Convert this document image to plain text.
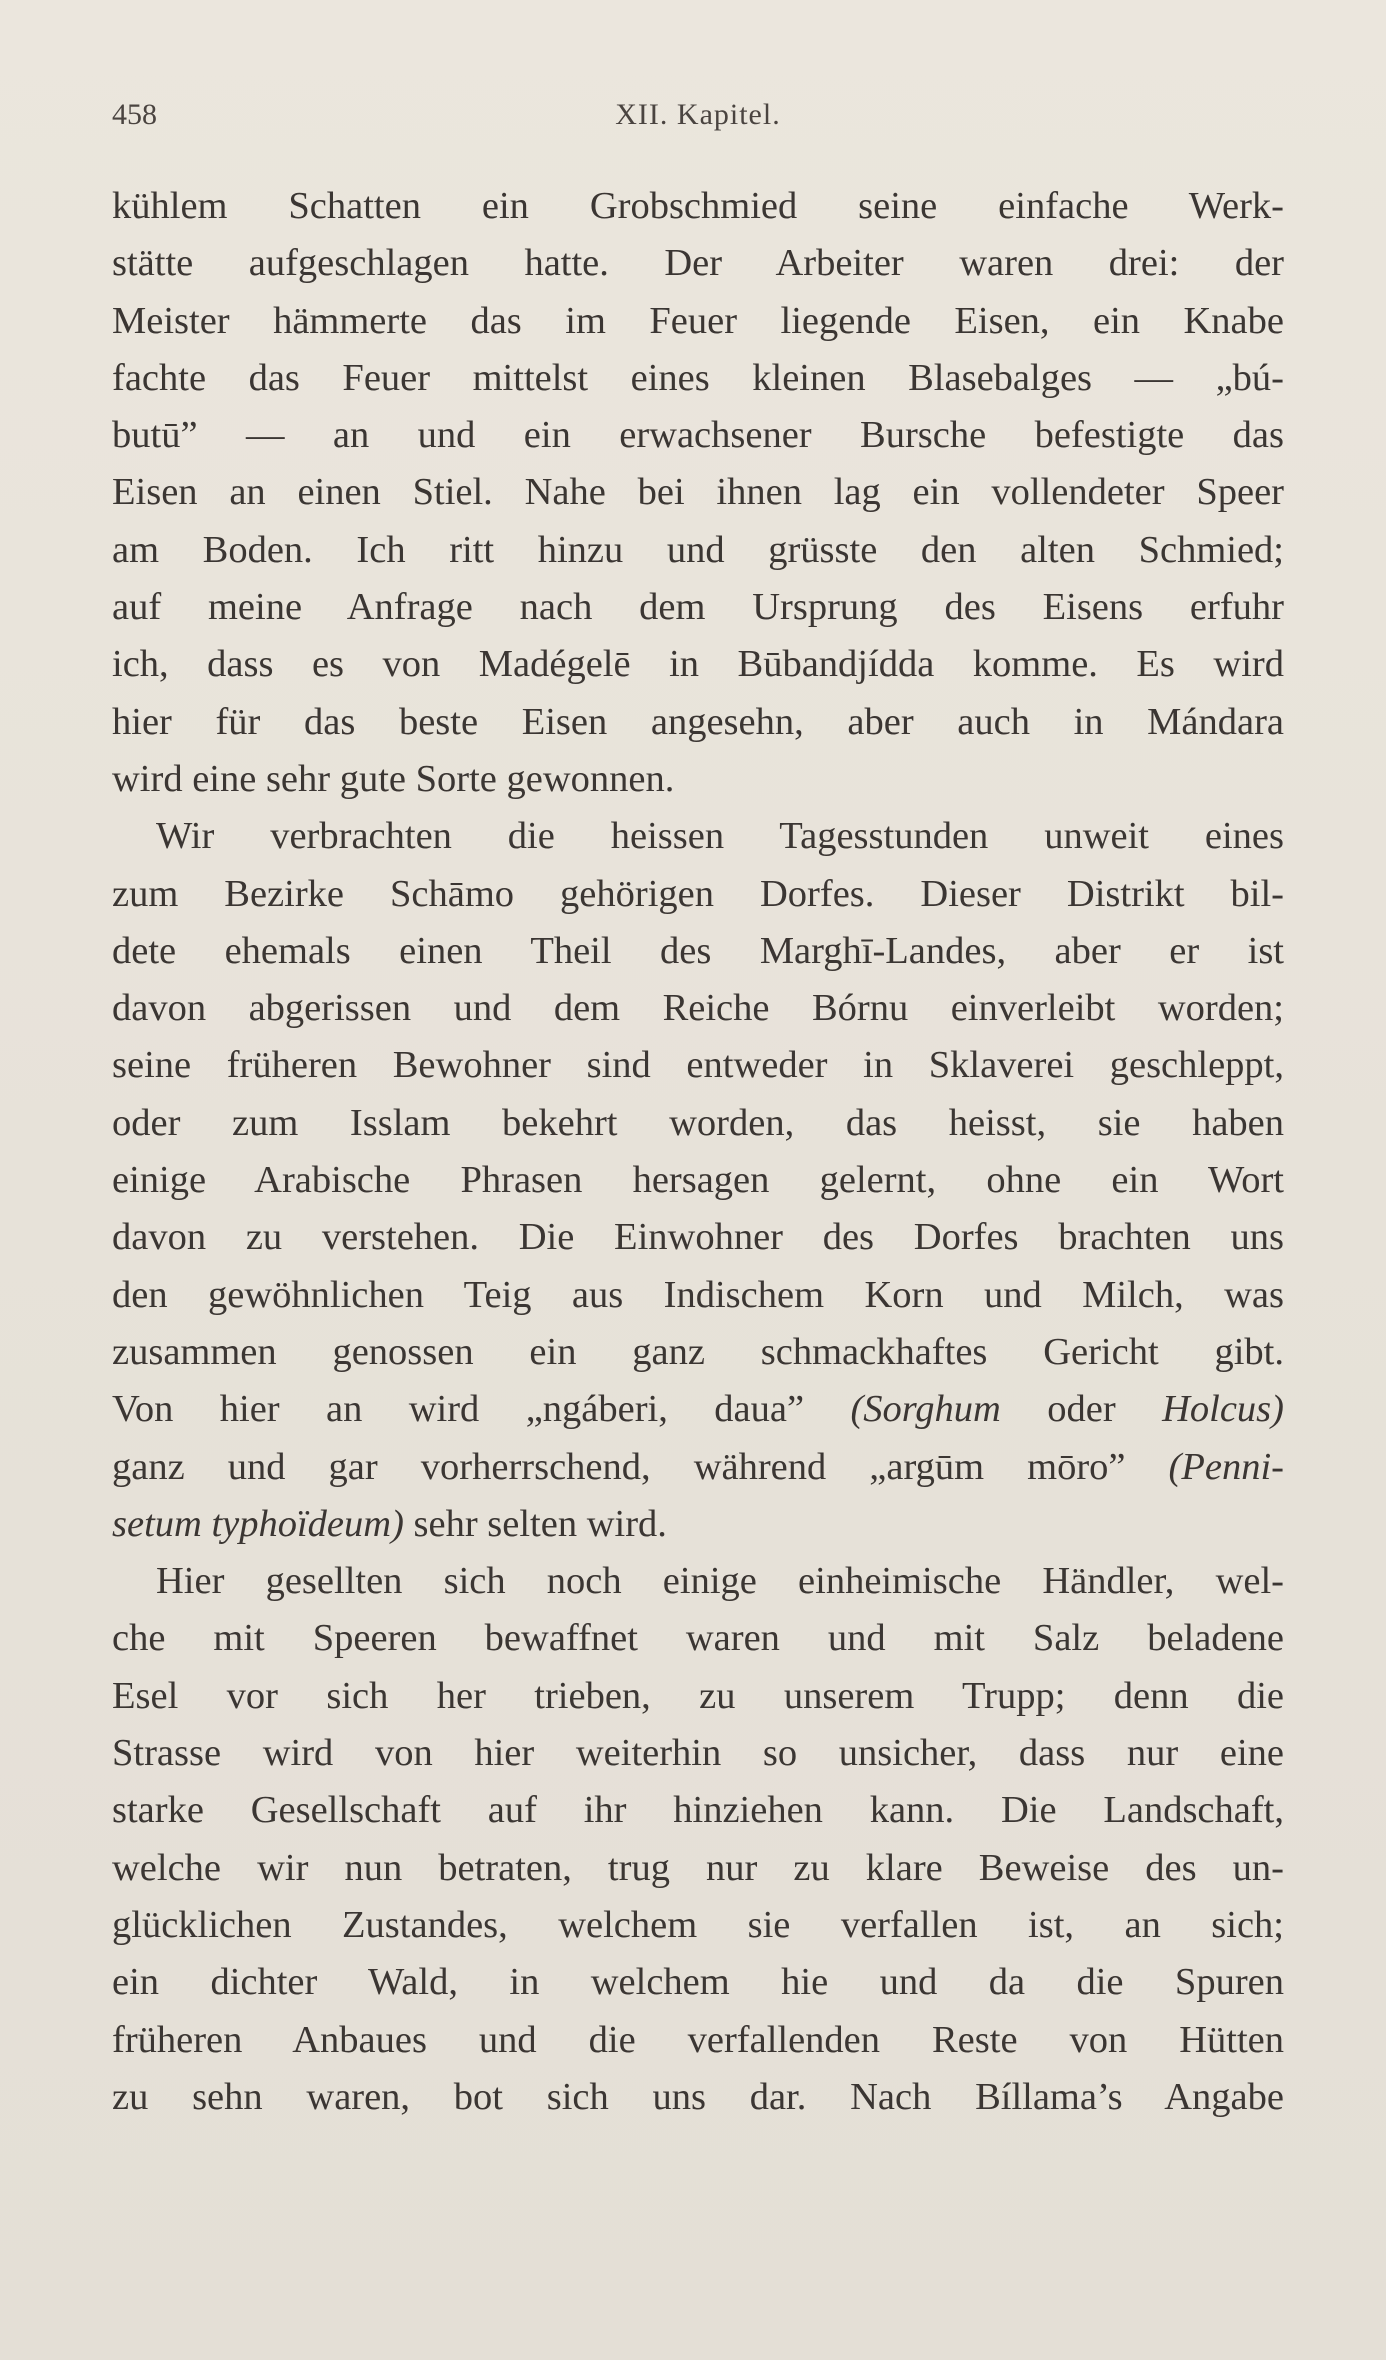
458	XII. Kapitel.
kühlem Schatten ein Grobschmied seine einfache Werk-
stätte aufgeschlagen hatte. Der Arbeiter waren drei: der
Meister hämmerte das im Feuer liegende Eisen, ein Knabe
fachte das Feuer mittelst eines kleinen Blasebalges — „bú-
butū” — an und ein erwachsener Bursche befestigte das
Eisen an einen Stiel. Nahe bei ihnen lag ein vollendeter Speer
am Boden. Ich ritt hinzu und grüsste den alten Schmied;
auf meine Anfrage nach dem Ursprung des Eisens erfuhr
ich, dass es von Madégelē in Būbandjídda komme. Es wird
hier für das beste Eisen angesehn, aber auch in Mándara
wird eine sehr gute Sorte gewonnen.
Wir verbrachten die heissen Tagesstunden unweit eines
zum Bezirke Schāmo gehörigen Dorfes. Dieser Distrikt bil-
dete ehemals einen Theil des Marghī-Landes, aber er ist
davon abgerissen und dem Reiche Bórnu einverleibt worden;
seine früheren Bewohner sind entweder in Sklaverei geschleppt,
oder zum Isslam bekehrt worden, das heisst, sie haben
einige Arabische Phrasen hersagen gelernt, ohne ein Wort
davon zu verstehen. Die Einwohner des Dorfes brachten uns
den gewöhnlichen Teig aus Indischem Korn und Milch, was
zusammen genossen ein ganz schmackhaftes Gericht gibt.
Von hier an wird „ngáberi, daua” (Sorghum oder Holcus)
ganz und gar vorherrschend, während „argūm mōro” (Penni-
setum typhoïdeum) sehr selten wird.
Hier gesellten sich noch einige einheimische Händler, wel-
che mit Speeren bewaffnet waren und mit Salz beladene
Esel vor sich her trieben, zu unserem Trupp; denn die
Strasse wird von hier weiterhin so unsicher, dass nur eine
starke Gesellschaft auf ihr hinziehen kann. Die Landschaft,
welche wir nun betraten, trug nur zu klare Beweise des un-
glücklichen Zustandes, welchem sie verfallen ist, an sich;
ein dichter Wald, in welchem hie und da die Spuren
früheren Anbaues und die verfallenden Reste von Hütten
zu sehn waren, bot sich uns dar. Nach Bíllama’s Angabe
